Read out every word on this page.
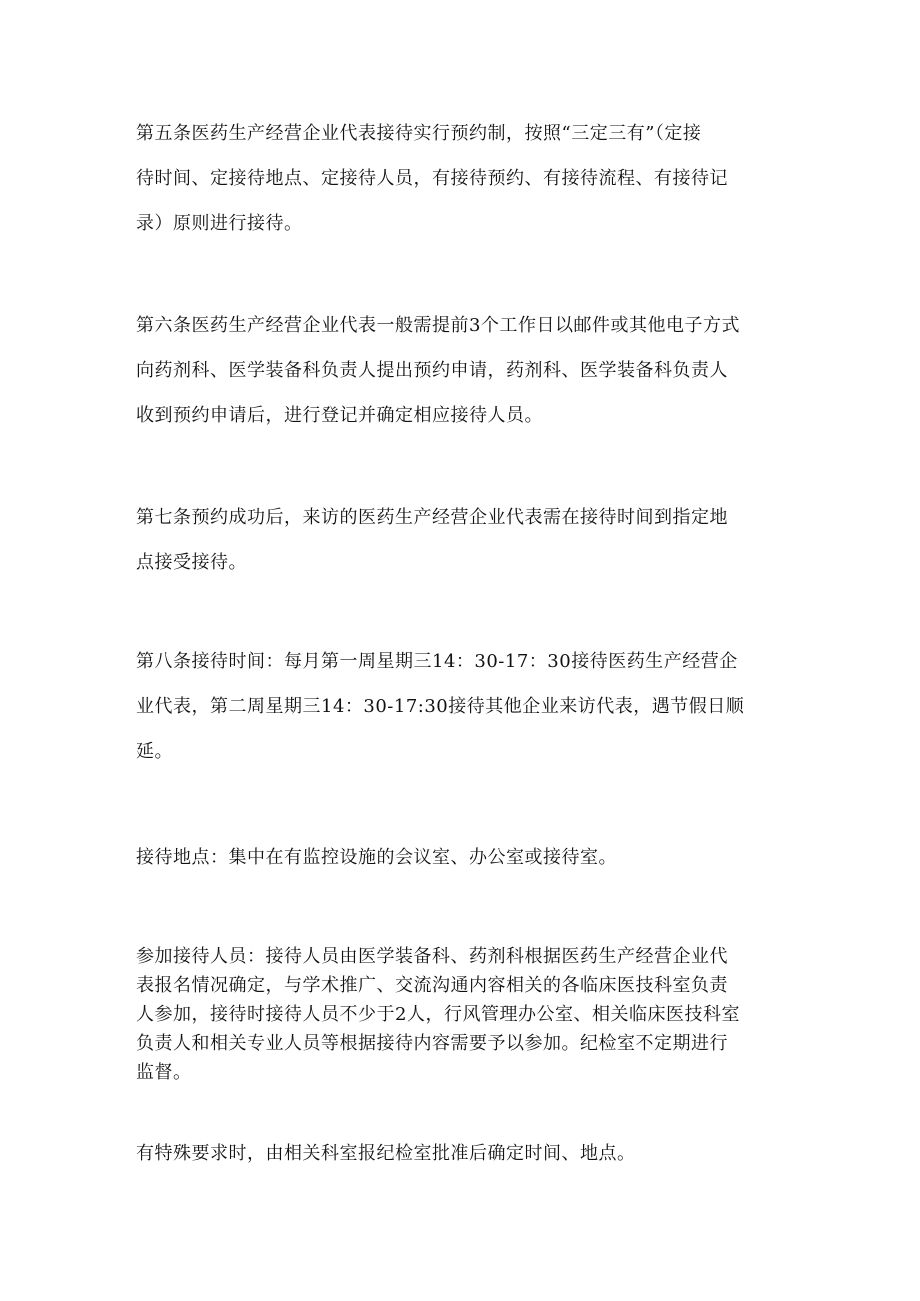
第五条医药生产经营企业代表接待实行预约制，按照“三定三有”（定接
待时间、定接待地点、定接待人员，有接待预约、有接待流程、有接待记
录）原则进行接待。

第六条医药生产经营企业代表一般需提前3个工作日以邮件或其他电子方式
向药剂科、医学装备科负责人提出预约申请，药剂科、医学装备科负责人
收到预约申请后，进行登记并确定相应接待人员。

第七条预约成功后，来访的医药生产经营企业代表需在接待时间到指定地
点接受接待。

第八条接待时间：每月第一周星期三14：30-17：30接待医药生产经营企
业代表，第二周星期三14：30-17:30接待其他企业来访代表，遇节假日顺
延。

接待地点：集中在有监控设施的会议室、办公室或接待室。

参加接待人员：接待人员由医学装备科、药剂科根据医药生产经营企业代
表报名情况确定，与学术推广、交流沟通内容相关的各临床医技科室负责
人参加，接待时接待人员不少于2人，行风管理办公室、相关临床医技科室
负责人和相关专业人员等根据接待内容需要予以参加。纪检室不定期进行
监督。

有特殊要求时，由相关科室报纪检室批准后确定时间、地点。
